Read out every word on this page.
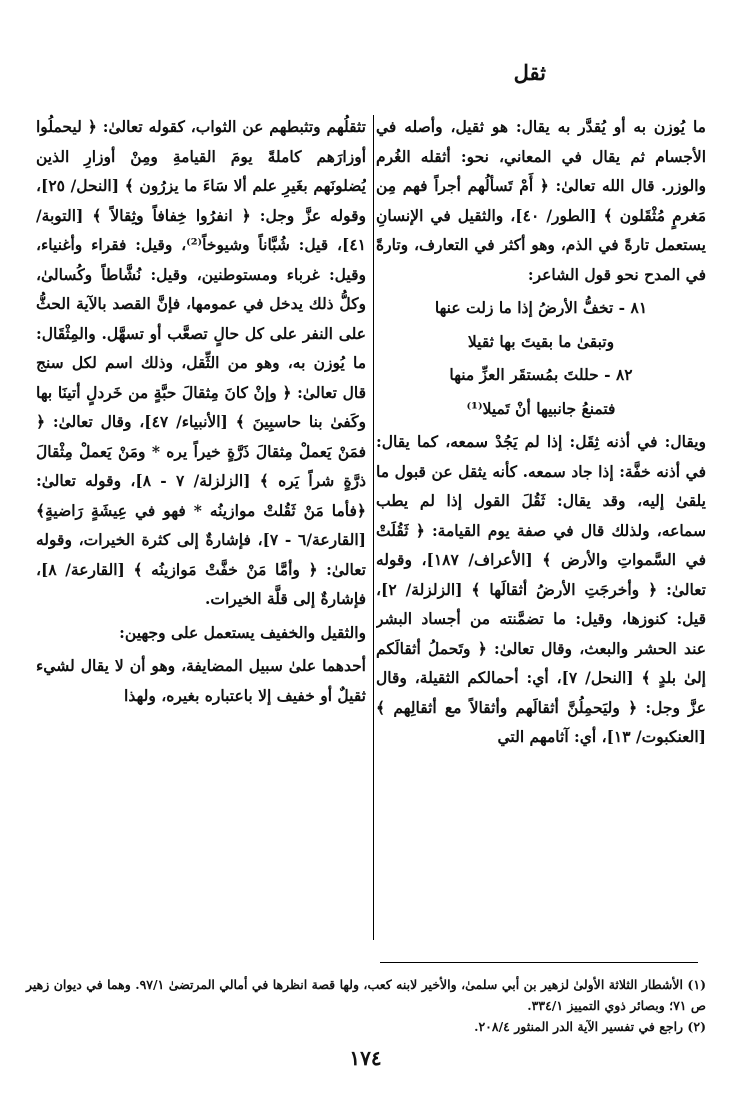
ثقل

ما يُوزن به أو يُقدَّر به يقال: هو ثقيل، وأصله في الأجسام ثم يقال في المعاني، نحو: أثقله الغُرم والوزر. قال الله تعالىٰ: ﴿ أَمْ تَسألُهم أجراً فهم مِن مَغرمٍ مُثْقَلون ﴾ [الطور/ ٤٠]، والثقيل في الإنسانِ يستعمل تارةً في الذم، وهو أكثر في التعارف، وتارةً في المدح نحو قول الشاعر:

٨١ - تخفُّ الأرضُ إذا ما زلت عنها

وتبقىٰ ما بقيتَ بها ثقيلا

٨٢ - حللتَ بمُستقَر العزِّ منها

فتمنعُ جانبيها أنْ تَميلا⁽¹⁾

ويقال: في أذنه ثِقَل: إذا لم يَجُدْ سمعه، كما يقال: في أذنه خفَّة: إذا جاد سمعه. كأنه يثقل عن قبول ما يلقىٰ إليه، وقد يقال: ثَقُلَ القول إذا لم يطب سماعه، ولذلك قال في صفة يوم القيامة: ﴿ ثَقُلَتْ في السَّمواتِ والأرض ﴾ [الأعراف/ ١٨٧]، وقوله تعالىٰ: ﴿ وأخرجَتِ الأرضُ أثقالَها ﴾ [الزلزلة/ ٢]، قيل: كنوزها، وقيل: ما تضمَّنته من أجساد البشر عند الحشر والبعث، وقال تعالىٰ: ﴿ وتَحملُ أثقالَكم إلىٰ بلدٍ ﴾ [النحل/ ٧]، أي: أحمالكم الثقيلة، وقال عزَّ وجل: ﴿ وليَحمِلُنَّ أثقالَهم وأثقالاً مع أثقالِهم ﴾ [العنكبوت/ ١٣]، أي: آثامهم التي

تثقلُهم وتثبطهم عن الثواب، كقوله تعالىٰ: ﴿ ليحملُوا أوزارَهم كاملةً يومَ القيامةِ ومِنْ أوزارِ الذين يُضلونَهم بغَيرِ علم ألا سَاءَ ما يزرُون ﴾ [النحل/ ٢٥]، وقوله عزَّ وجل: ﴿ انفرُوا خِفافاً وثِقالاً ﴾ [التوبة/ ٤١]، قيل: شُبَّاناً وشيوخاً⁽²⁾، وقيل: فقراء وأغنياء، وقيل: غرباء ومستوطنين، وقيل: نُشَّاطاً وكُسالىٰ، وكلُّ ذلك يدخل في عمومها، فإنَّ القصد بالآية الحثُّ على النفر على كل حالٍ تصعَّب أو تسهَّل. والمِثْقَال: ما يُوزن به، وهو من الثِّقل، وذلك اسم لكل سنج قال تعالىٰ: ﴿ وإنْ كانَ مِثقالَ حبَّةٍ من خَردلٍ أتينَا بها وكَفىٰ بنا حاسبِينَ ﴾ [الأنبياء/ ٤٧]، وقال تعالىٰ: ﴿ فمَنْ يَعملْ مِثقالَ ذَرَّةٍ خيراً يره * ومَنْ يَعملْ مِثْقالَ ذرَّةٍ شراً يَره ﴾ [الزلزلة/ ٧ - ٨]، وقوله تعالىٰ: ﴿فأما مَنْ ثَقُلتْ موازينُه * فهو في عِيشَةٍ رَاضيةٍ﴾ [القارعة/٦ - ٧]، فإشارةٌ إلى كثرة الخيرات، وقوله تعالىٰ: ﴿ وأمَّا مَنْ خفَّتْ مَوازينُه ﴾ [القارعة/ ٨]، فإشارةٌ إلى قلَّة الخيرات.

والثقيل والخفيف يستعمل على وجهين:

أحدهما علىٰ سبيل المضايفة، وهو أن لا يقال لشيء ثقيلٌ أو خفيف إلا باعتباره بغيره، ولهذا

(١) الأشطار الثلاثة الأولىٰ لزهير بن أبي سلمىٰ، والأخير لابنه كعب، ولها قصة انظرها في أمالي المرتضىٰ ٩٧/١. وهما في ديوان زهير ص ٧١؛ وبصائر ذوي التمييز ٣٣٤/١.

(٢) راجع في تفسير الآية الدر المنثور ٢٠٨/٤.

١٧٤
